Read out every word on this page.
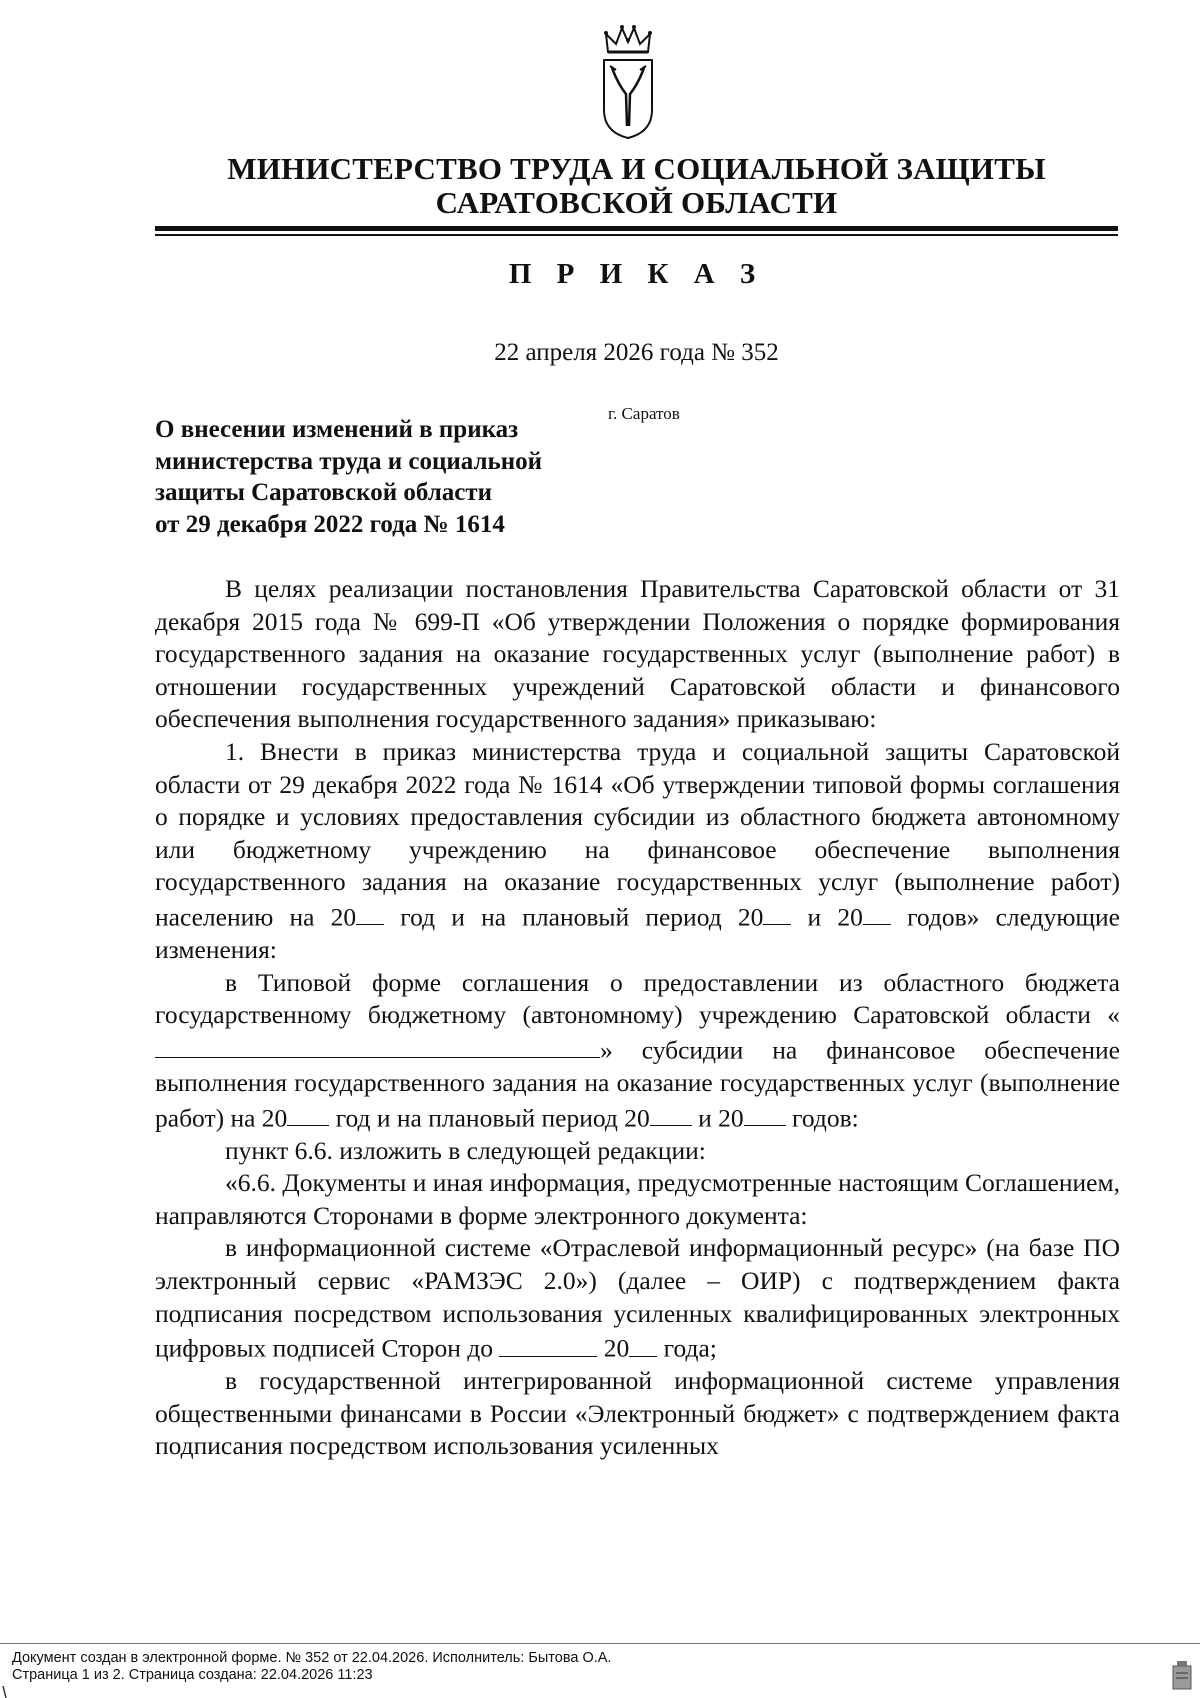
МИНИСТЕРСТВО ТРУДА И СОЦИАЛЬНОЙ ЗАЩИТЫ
САРАТОВСКОЙ ОБЛАСТИ
П Р И К А З
22 апреля 2026 года № 352
г. Саратов
О внесении изменений в приказ
министерства труда и социальной
защиты Саратовской области
от 29 декабря 2022 года № 1614

В целях реализации постановления Правительства Саратовской области от 31 декабря 2015 года № 699-П «Об утверждении Положения о порядке формирования государственного задания на оказание государственных услуг (выполнение работ) в отношении государственных учреждений Саратовской области и финансового обеспечения выполнения государственного задания» приказываю:

1. Внести в приказ министерства труда и социальной защиты Саратовской области от 29 декабря 2022 года № 1614 «Об утверждении типовой формы соглашения о порядке и условиях предоставления субсидии из областного бюджета автономному или бюджетному учреждению на финансовое обеспечение выполнения государственного задания на оказание государственных услуг (выполнение работ) населению на 20 год и на плановый период 20 и 20 годов» следующие изменения:

в Типовой форме соглашения о предоставлении из областного бюджета государственному бюджетному (автономному) учреждению Саратовской области «» субсидии на финансовое обеспечение выполнения государственного задания на оказание государственных услуг (выполнение работ) на 20 год и на плановый период 20 и 20 годов:

пункт 6.6. изложить в следующей редакции:

«6.6. Документы и иная информация, предусмотренные настоящим Соглашением, направляются Сторонами в форме электронного документа:

в информационной системе «Отраслевой информационный ресурс» (на базе ПО электронный сервис «РАМЗЭС 2.0») (далее – ОИР) с подтверждением факта подписания посредством использования усиленных квалифицированных электронных цифровых подписей Сторон до	20 года;

в государственной интегрированной информационной системе управления общественными финансами в России «Электронный бюджет» с подтверждением факта подписания посредством использования усиленных

Документ создан в электронной форме. № 352 от 22.04.2026. Исполнитель: Бытова О.А.
Страница 1 из 2. Страница создана: 22.04.2026 11:23
